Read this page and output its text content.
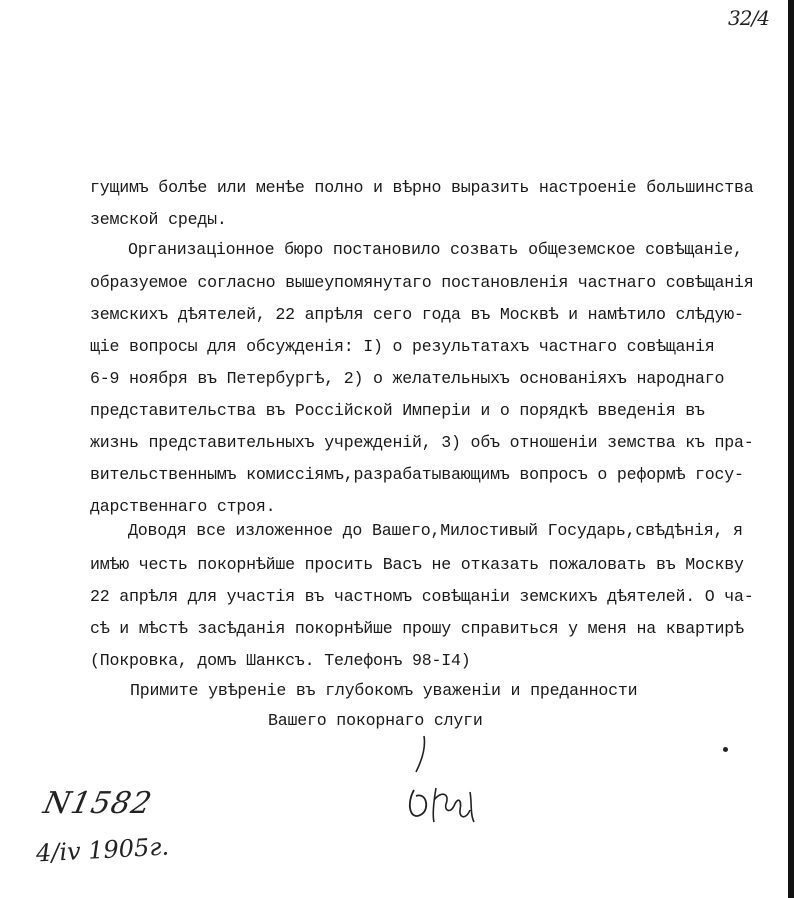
32/4
гущимъ болѣе или менѣе полно и вѣрно выразить настроеніе большинства
земской среды.
Организаціонное бюро постановило созвать общеземское совѣщаніе,
образуемое согласно вышеупомянутаго постановленія частнаго совѣщанія
земскихъ дѣятелей, 22 апрѣля сего года въ Москвѣ и намѣтило слѣдую-
щіе вопросы для обсужденія: I) о результатахъ частнаго совѣщанія
6-9 ноября въ Петербургѣ, 2) о желательныхъ основаніяхъ народнаго
представительства въ Россійской Имперіи и о порядкѣ введенія въ
жизнь представительныхъ учрежденій, 3) объ отношеніи земства къ пра-
вительственнымъ комиссіямъ,разрабатывающимъ вопросъ о реформѣ госу-
дарственнаго строя.
Доводя все изложенное до Вашего,Милостивый Государь,свѣдѣнія, я
имѣю честь покорнѣйше просить Васъ не отказать пожаловать въ Москву
22 апрѣля для участія въ частномъ совѣщаніи земскихъ дѣятелей. О ча-
сѣ и мѣстѣ засѣданія покорнѣйше прошу справиться у меня на квартирѣ
(Покровка, домъ Шанксъ. Телефонъ 98-I4)
Примите увѣреніе въ глубокомъ уваженіи и преданности
Вашего покорнаго слуги
N1582
4/iv 1905г.
